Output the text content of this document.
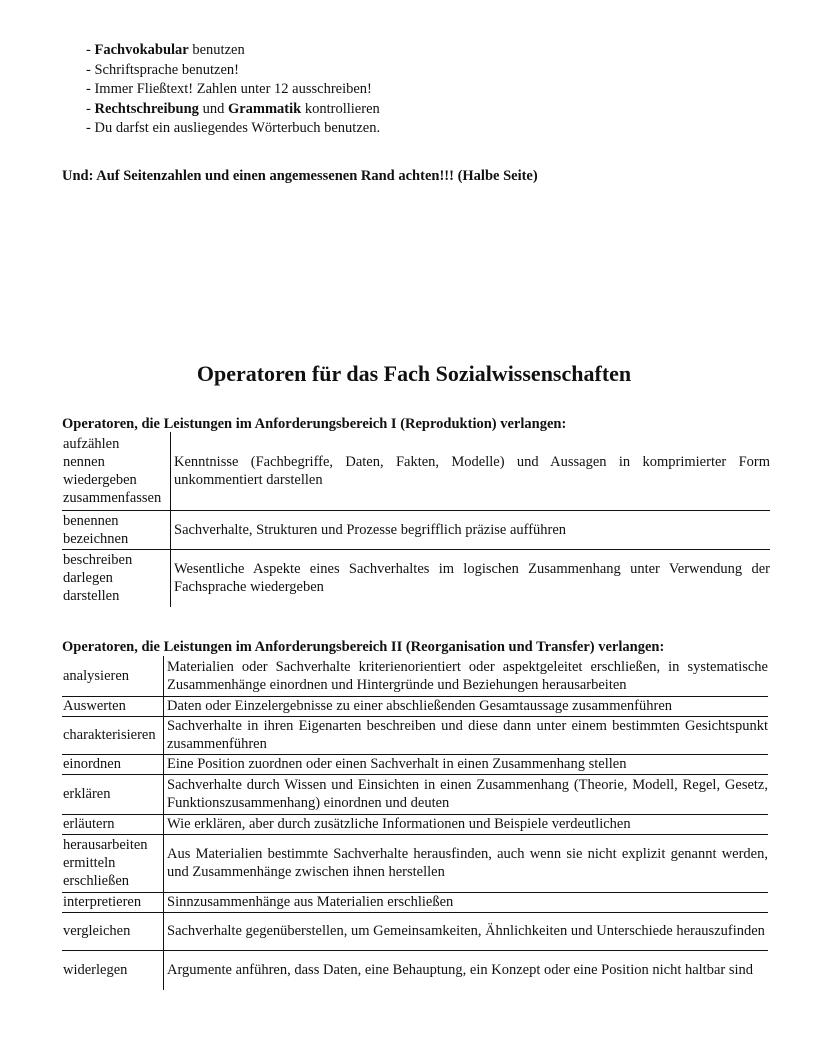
- Fachvokabular benutzen
- Schriftsprache benutzen!
- Immer Fließtext! Zahlen unter 12 ausschreiben!
- Rechtschreibung und Grammatik kontrollieren
- Du darfst ein ausliegendes Wörterbuch benutzen.
Und: Auf Seitenzahlen und einen angemessenen Rand achten!!! (Halbe Seite)
Operatoren für das Fach Sozialwissenschaften
Operatoren, die Leistungen im Anforderungsbereich I (Reproduktion) verlangen:
aufzählen
nennen
wiedergeben
zusammenfassen	Kenntnisse (Fachbegriffe, Daten, Fakten, Modelle) und Aussagen in komprimierter Form unkommentiert darstellen

benennen
bezeichnen	Sachverhalte, Strukturen und Prozesse begrifflich präzise aufführen

beschreiben
darlegen
darstellen	Wesentliche Aspekte eines Sachverhaltes im logischen Zusammenhang unter Verwendung der Fachsprache wiedergeben
Operatoren, die Leistungen im Anforderungsbereich II (Reorganisation und Transfer) verlangen:
analysieren	Materialien oder Sachverhalte kriterienorientiert oder aspektgeleitet erschließen, in systematische Zusammenhänge einordnen und Hintergründe und Beziehungen herausarbeiten

Auswerten	Daten oder Einzelergebnisse zu einer abschließenden Gesamtaussage zusammenführen

charakterisieren	Sachverhalte in ihren Eigenarten beschreiben und diese dann unter einem bestimmten Gesichtspunkt zusammenführen

einordnen	Eine Position zuordnen oder einen Sachverhalt in einen Zusammenhang stellen

erklären	Sachverhalte durch Wissen und Einsichten in einen Zusammenhang (Theorie, Modell, Regel, Gesetz, Funktionszusammenhang) einordnen und deuten

erläutern	Wie erklären, aber durch zusätzliche Informationen und Beispiele verdeutlichen

herausarbeiten
ermitteln
erschließen	Aus Materialien bestimmte Sachverhalte herausfinden, auch wenn sie nicht explizit genannt werden, und Zusammenhänge zwischen ihnen herstellen

interpretieren	Sinnzusammenhänge aus Materialien erschließen

vergleichen	Sachverhalte gegenüberstellen, um Gemeinsamkeiten, Ähnlichkeiten und Unterschiede herauszufinden

widerlegen	Argumente anführen, dass Daten, eine Behauptung, ein Konzept oder eine Position nicht haltbar sind
